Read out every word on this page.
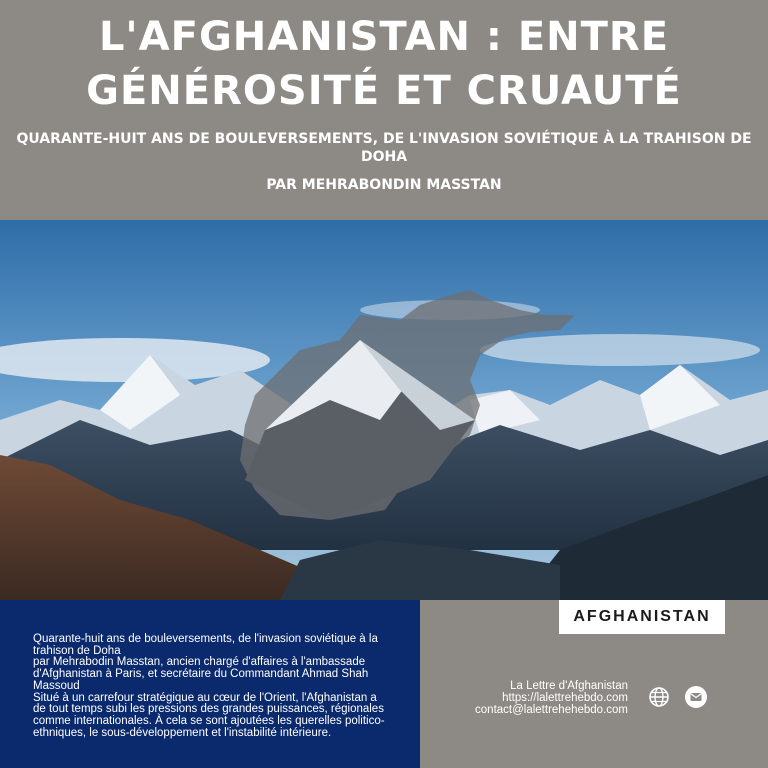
L'AFGHANISTAN : ENTRE GÉNÉROSITÉ ET CRUAUTÉ
QUARANTE-HUIT ANS DE BOULEVERSEMENTS, DE L'INVASION SOVIÉTIQUE À LA TRAHISON DE DOHA
PAR MEHRABONDIN MASSTAN
Quarante-huit ans de bouleversements, de l'invasion soviétique à la trahison de Doha
par Mehrabodin Masstan, ancien chargé d'affaires à l'ambassade d'Afghanistan à Paris, et secrétaire du Commandant Ahmad Shah Massoud
Situé à un carrefour stratégique au cœur de l'Orient, l'Afghanistan a de tout temps subi les pressions des grandes puissances, régionales comme internationales. À cela se sont ajoutées les querelles politico-ethniques, le sous-développement et l'instabilité intérieure.
AFGHANISTAN
La Lettre d'Afghanistan
https://lalettrehebdo.com
contact@lalettrehehebdo.com
